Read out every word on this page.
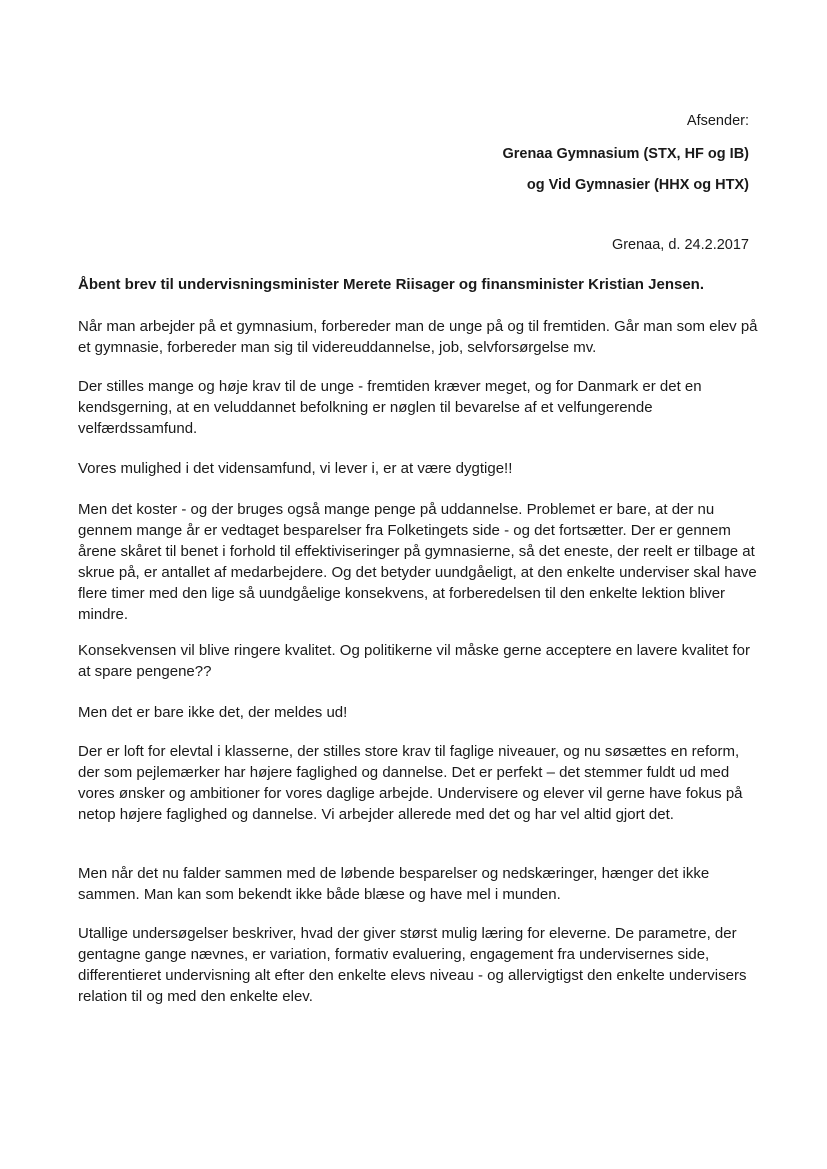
Afsender:
Grenaa Gymnasium (STX, HF og IB)
og Vid Gymnasier (HHX og HTX)
Grenaa, d. 24.2.2017
Åbent brev til undervisningsminister Merete Riisager og finansminister Kristian Jensen.

Når man arbejder på et gymnasium, forbereder man de unge på og til fremtiden. Går man som elev på et gymnasie, forbereder man sig til videreuddannelse, job, selvforsørgelse mv.

Der stilles mange og høje krav til de unge - fremtiden kræver meget, og for Danmark er det en kendsgerning, at en veluddannet befolkning er nøglen til bevarelse af et velfungerende velfærdssamfund.

Vores mulighed i det vidensamfund, vi lever i, er at være dygtige!!

Men det koster - og der bruges også mange penge på uddannelse. Problemet er bare, at der nu gennem mange år er vedtaget besparelser fra Folketingets side - og det fortsætter. Der er gennem årene skåret til benet i forhold til effektiviseringer på gymnasierne, så det eneste, der reelt er tilbage at skrue på, er antallet af medarbejdere. Og det betyder uundgåeligt, at den enkelte underviser skal have flere timer med den lige så uundgåelige konsekvens, at forberedelsen til den enkelte lektion bliver mindre.

Konsekvensen vil blive ringere kvalitet. Og politikerne vil måske gerne acceptere en lavere kvalitet for at spare pengene??

Men det er bare ikke det, der meldes ud!

Der er loft for elevtal i klasserne, der stilles store krav til faglige niveauer, og nu søsættes en reform, der som pejlemærker har højere faglighed og dannelse. Det er perfekt – det stemmer fuldt ud med vores ønsker og ambitioner for vores daglige arbejde. Undervisere og elever vil gerne have fokus på netop højere faglighed og dannelse. Vi arbejder allerede med det og har vel altid gjort det.

Men når det nu falder sammen med de løbende besparelser og nedskæringer, hænger det ikke sammen. Man kan som bekendt ikke både blæse og have mel i munden.

Utallige undersøgelser beskriver, hvad der giver størst mulig læring for eleverne. De parametre, der gentagne gange nævnes, er variation, formativ evaluering, engagement fra undervisernes side, differentieret undervisning alt efter den enkelte elevs niveau - og allervigtigst den enkelte undervisers relation til og med den enkelte elev.
